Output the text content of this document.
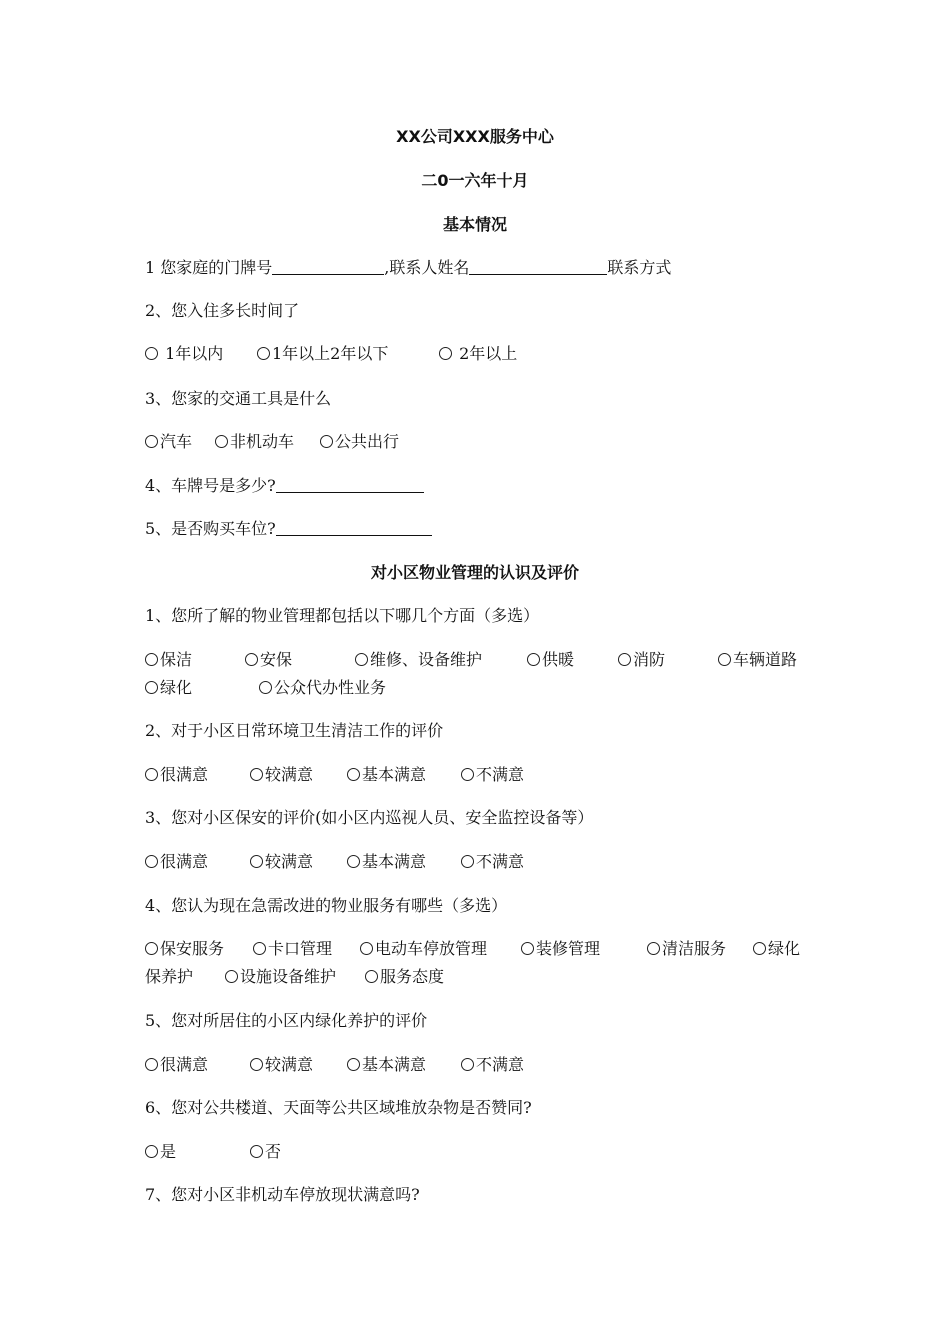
XX公司XXX服务中心
二0一六年十月
基本情况
1 您家庭的门牌号	,联系人姓名	联系方式
2、您入住多长时间了
1年以内	1年以上2年以下	2年以上
3、您家的交通工具是什么
汽车	非机动车	公共出行
4、车牌号是多少?
5、是否购买车位?
对小区物业管理的认识及评价
1、您所了解的物业管理都包括以下哪几个方面（多选）
保洁	安保	维修、设备维护	供暖	消防	车辆道路
绿化	公众代办性业务
2、对于小区日常环境卫生清洁工作的评价
很满意	较满意	基本满意	不满意
3、您对小区保安的评价(如小区内巡视人员、安全监控设备等）
很满意	较满意	基本满意	不满意
4、您认为现在急需改进的物业服务有哪些（多选）
保安服务	卡口管理	电动车停放管理	装修管理	清洁服务	绿化
保养护	设施设备维护	服务态度
5、您对所居住的小区内绿化养护的评价
很满意	较满意	基本满意	不满意
6、您对公共楼道、天面等公共区域堆放杂物是否赞同?
是	否
7、您对小区非机动车停放现状满意吗?
